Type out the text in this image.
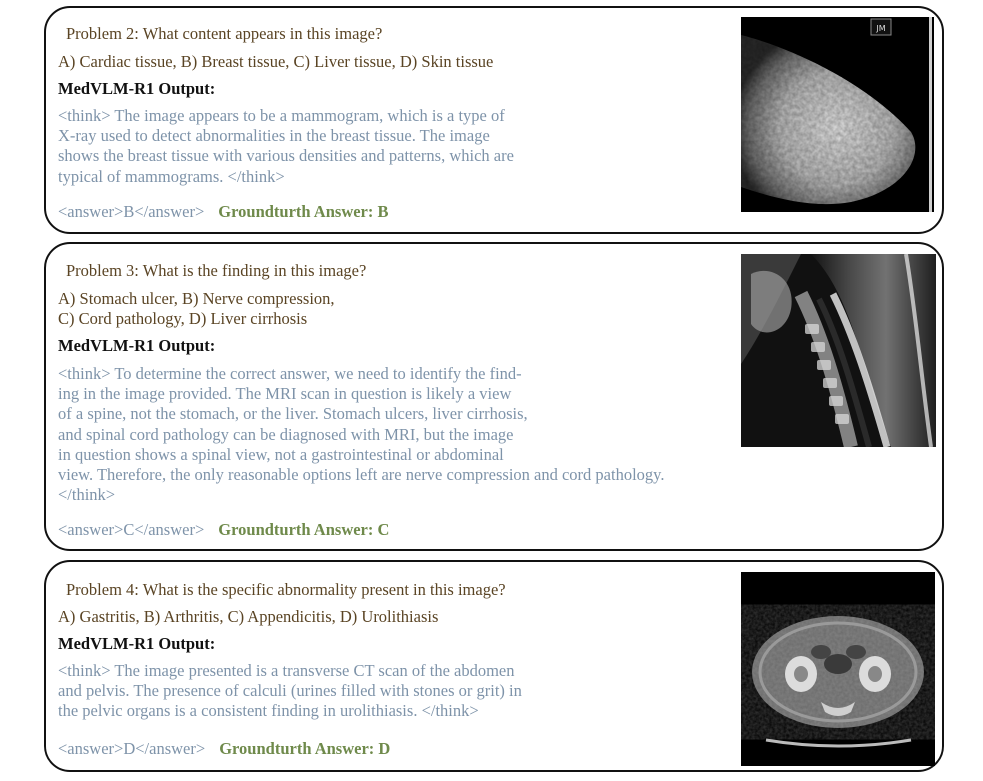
Problem 2: What content appears in this image?
A) Cardiac tissue, B) Breast tissue, C) Liver tissue, D) Skin tissue
MedVLM-R1 Output:
<think> The image appears to be a mammogram, which is a type of
X-ray used to detect abnormalities in the breast tissue. The image
shows the breast tissue with various densities and patterns, which are
typical of mammograms. </think>
<answer>B</answer> Groundturth Answer: B
JM
Problem 3: What is the finding in this image?
A) Stomach ulcer, B) Nerve compression,
C) Cord pathology, D) Liver cirrhosis
MedVLM-R1 Output:
<think> To determine the correct answer, we need to identify the find-
ing in the image provided. The MRI scan in question is likely a view
of a spine, not the stomach, or the liver. Stomach ulcers, liver cirrhosis,
and spinal cord pathology can be diagnosed with MRI, but the image
in question shows a spinal view, not a gastrointestinal or abdominal
view. Therefore, the only reasonable options left are nerve compression and cord pathology.
</think>
<answer>C</answer> Groundturth Answer: C
Problem 4: What is the specific abnormality present in this image?
A) Gastritis, B) Arthritis, C) Appendicitis, D) Urolithiasis
MedVLM-R1 Output:
<think> The image presented is a transverse CT scan of the abdomen
and pelvis. The presence of calculi (urines filled with stones or grit) in
the pelvic organs is a consistent finding in urolithiasis. </think>
<answer>D</answer> Groundturth Answer: D
